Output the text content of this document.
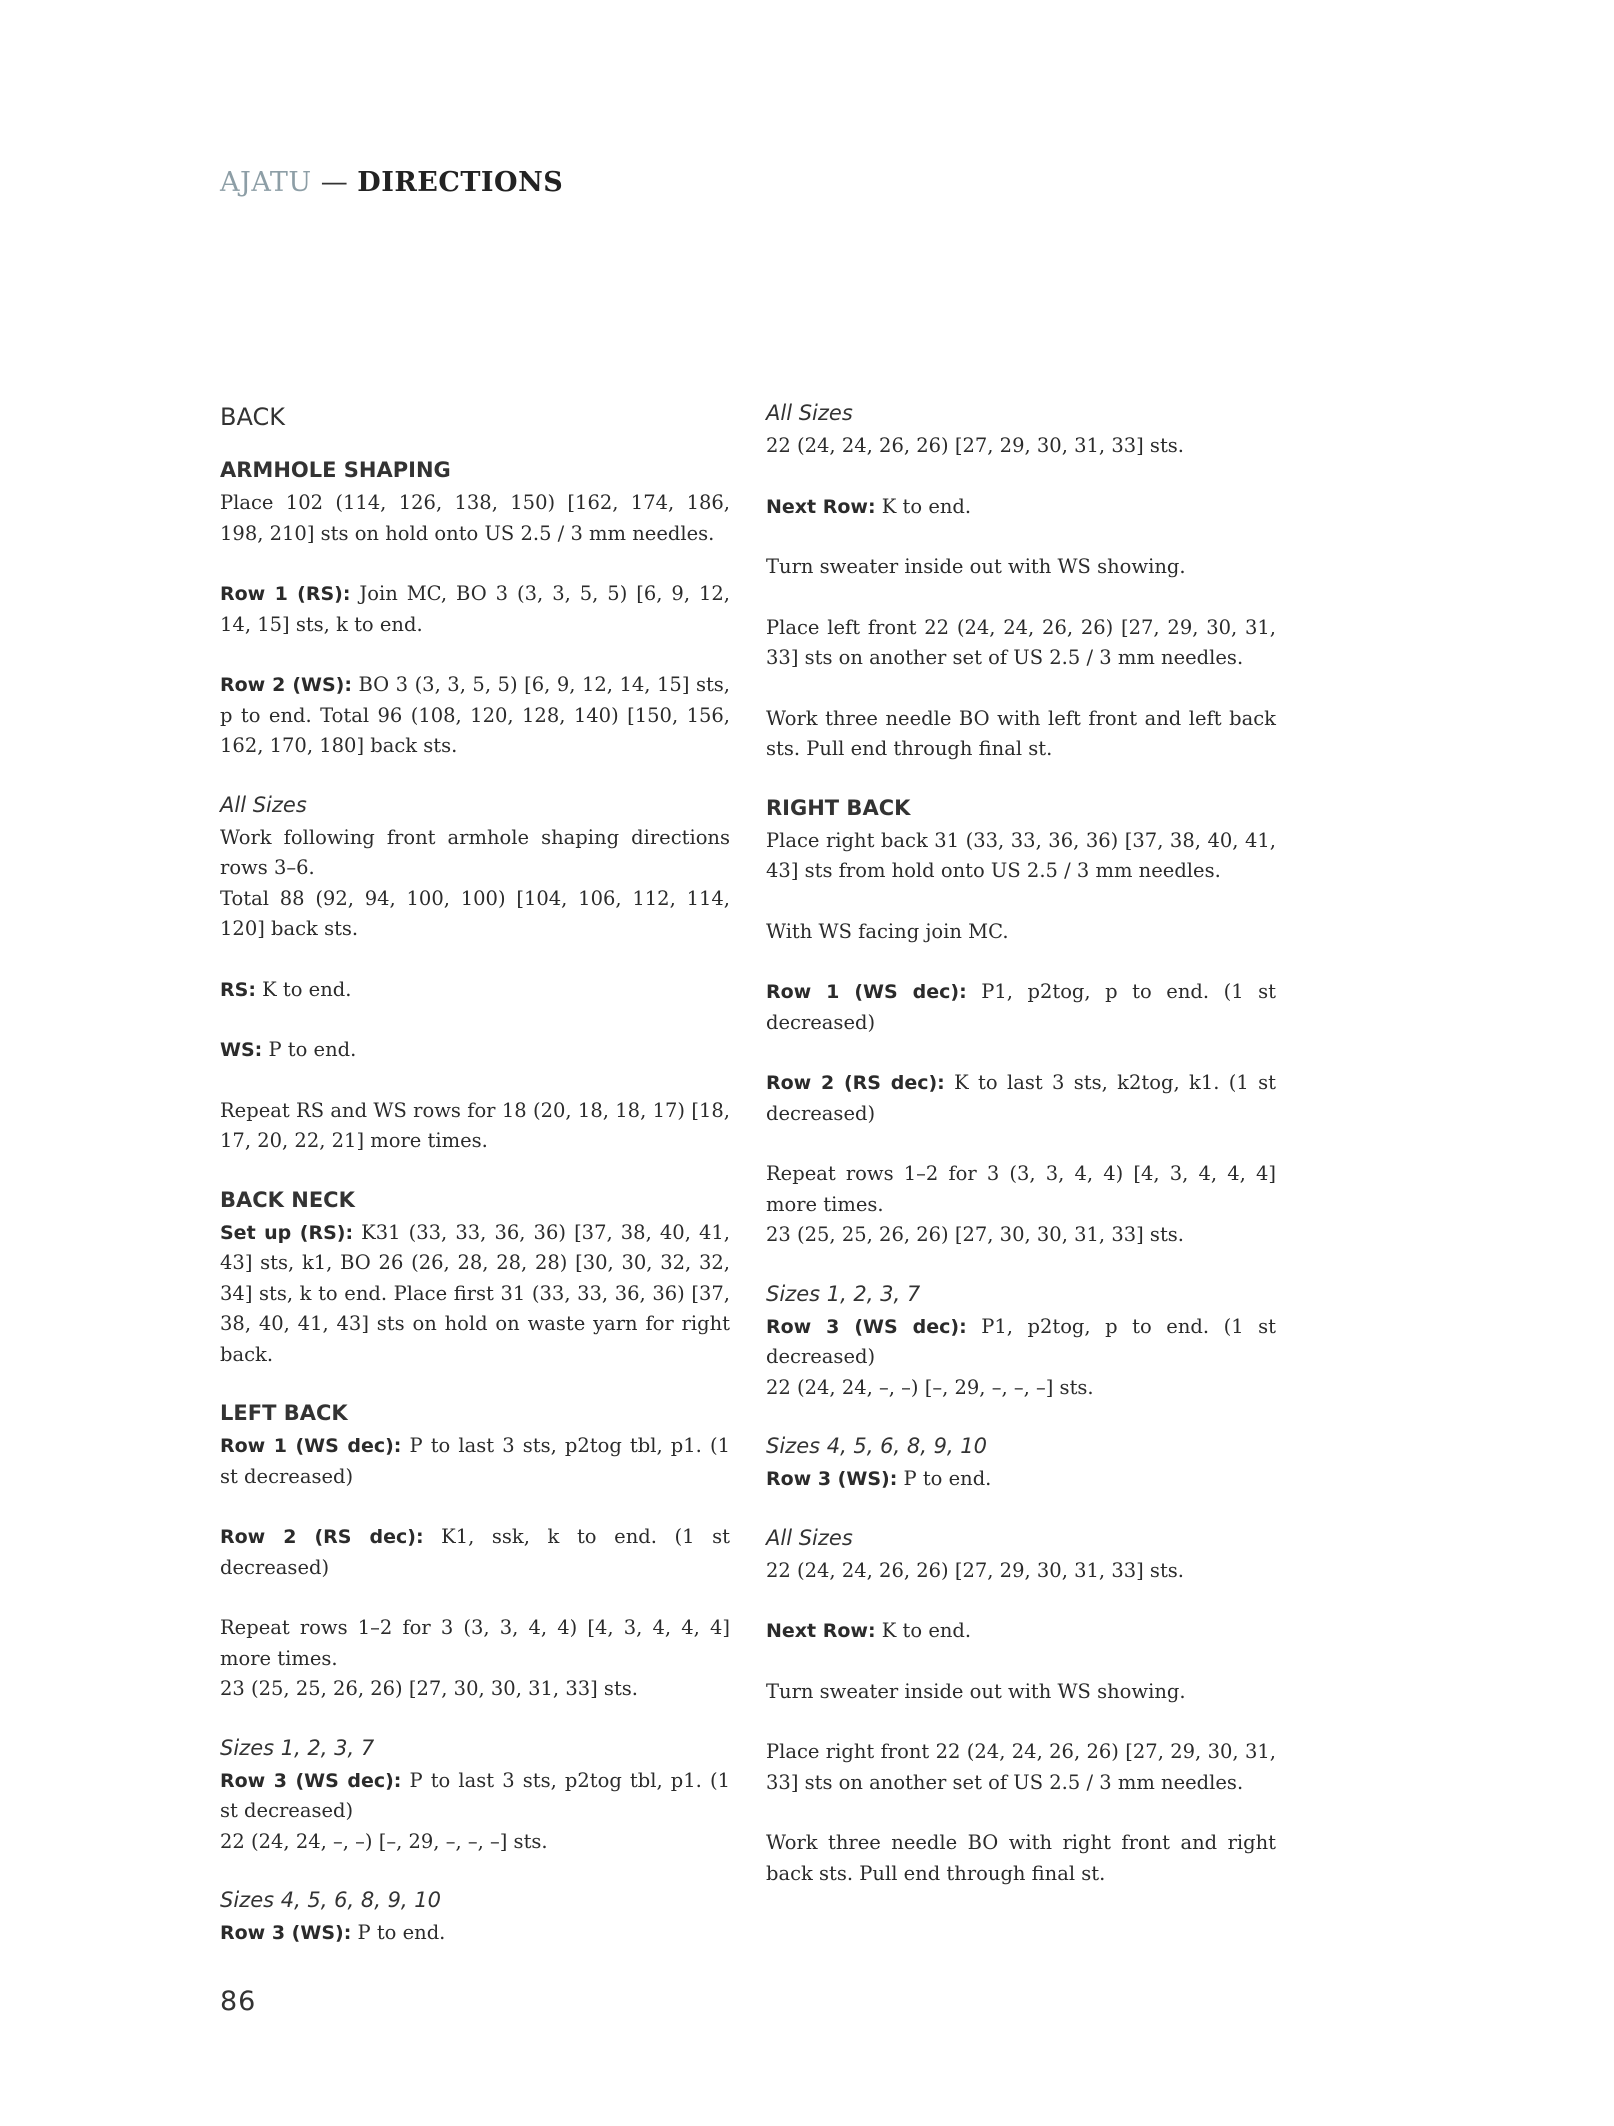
AJATU — DIRECTIONS
BACK
ARMHOLE SHAPING

Place 102 (114, 126, 138, 150) [162, 174, 186, 198, 210] sts on hold onto US 2.5 / 3 mm needles.

Row 1 (RS): Join MC, BO 3 (3, 3, 5, 5) [6, 9, 12, 14, 15] sts, k to end.

Row 2 (WS): BO 3 (3, 3, 5, 5) [6, 9, 12, 14, 15] sts, p to end. Total 96 (108, 120, 128, 140) [150, 156, 162, 170, 180] back sts.

All Sizes

Work following front armhole shaping directions rows 3–6.

Total 88 (92, 94, 100, 100) [104, 106, 112, 114, 120] back sts.

RS: K to end.

WS: P to end.

Repeat RS and WS rows for 18 (20, 18, 18, 17) [18, 17, 20, 22, 21] more times.

BACK NECK

Set up (RS): K31 (33, 33, 36, 36) [37, 38, 40, 41, 43] sts, k1, BO 26 (26, 28, 28, 28) [30, 30, 32, 32, 34] sts, k to end. Place first 31 (33, 33, 36, 36) [37, 38, 40, 41, 43] sts on hold on waste yarn for right back.

LEFT BACK

Row 1 (WS dec): P to last 3 sts, p2tog tbl, p1. (1 st decreased)

Row 2 (RS dec): K1, ssk, k to end. (1 st decreased)

Repeat rows 1–2 for 3 (3, 3, 4, 4) [4, 3, 4, 4, 4] more times.

23 (25, 25, 26, 26) [27, 30, 30, 31, 33] sts.

Sizes 1, 2, 3, 7

Row 3 (WS dec): P to last 3 sts, p2tog tbl, p1. (1 st decreased)

22 (24, 24, –, –) [–, 29, –, –, –] sts.

Sizes 4, 5, 6, 8, 9, 10

Row 3 (WS): P to end.

All Sizes

22 (24, 24, 26, 26) [27, 29, 30, 31, 33] sts.

Next Row: K to end.

Turn sweater inside out with WS showing.

Place left front 22 (24, 24, 26, 26) [27, 29, 30, 31, 33] sts on another set of US 2.5 / 3 mm needles.

Work three needle BO with left front and left back sts. Pull end through final st.

RIGHT BACK

Place right back 31 (33, 33, 36, 36) [37, 38, 40, 41, 43] sts from hold onto US 2.5 / 3 mm needles.

With WS facing join MC.

Row 1 (WS dec): P1, p2tog, p to end. (1 st decreased)

Row 2 (RS dec): K to last 3 sts, k2tog, k1. (1 st decreased)

Repeat rows 1–2 for 3 (3, 3, 4, 4) [4, 3, 4, 4, 4] more times.

23 (25, 25, 26, 26) [27, 30, 30, 31, 33] sts.

Sizes 1, 2, 3, 7

Row 3 (WS dec): P1, p2tog, p to end. (1 st decreased)

22 (24, 24, –, –) [–, 29, –, –, –] sts.

Sizes 4, 5, 6, 8, 9, 10

Row 3 (WS): P to end.

All Sizes

22 (24, 24, 26, 26) [27, 29, 30, 31, 33] sts.

Next Row: K to end.

Turn sweater inside out with WS showing.

Place right front 22 (24, 24, 26, 26) [27, 29, 30, 31, 33] sts on another set of US 2.5 / 3 mm needles.

Work three needle BO with right front and right back sts. Pull end through final st.

86
